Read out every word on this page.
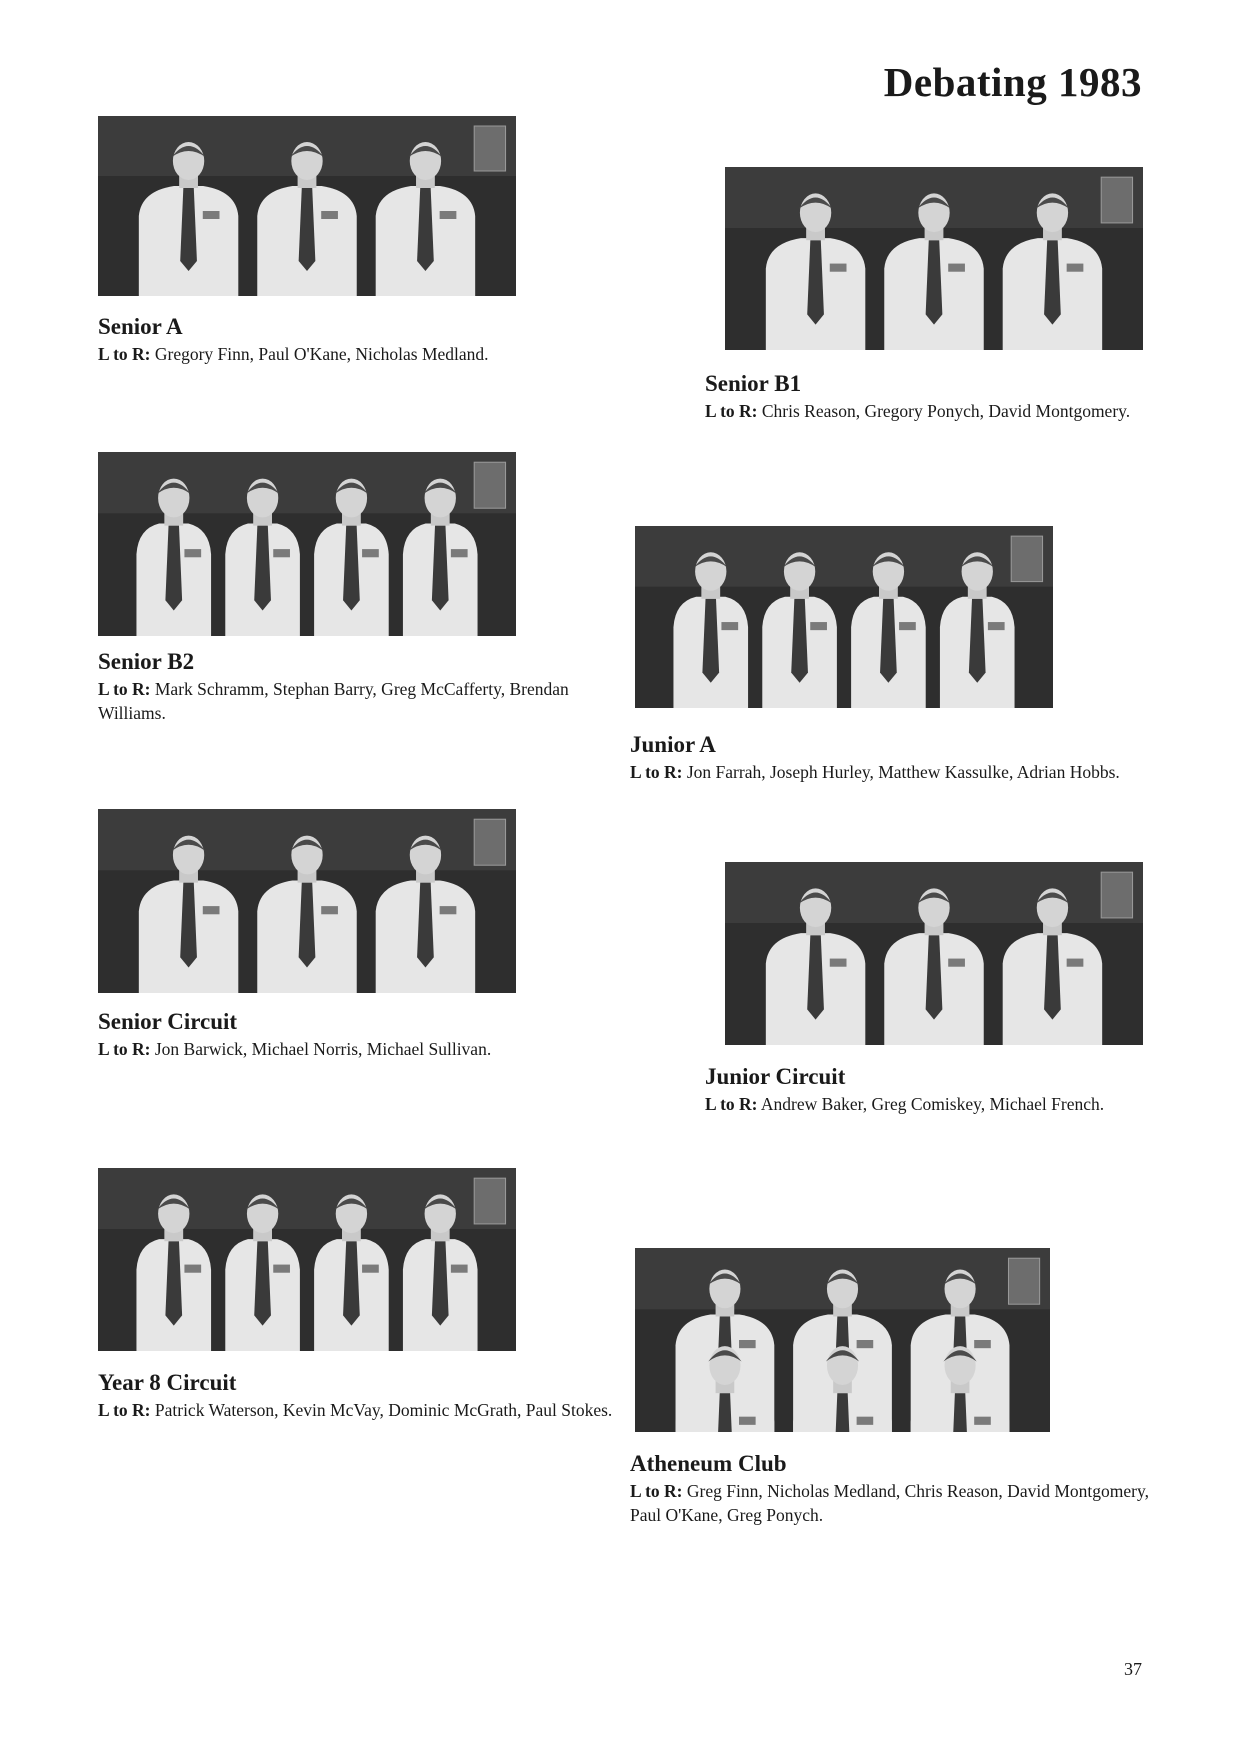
Debating 1983

Senior A

L to R: Gregory Finn, Paul O'Kane, Nicholas Medland.

Senior B1

L to R: Chris Reason, Gregory Ponych, David Montgomery.

Senior B2

L to R: Mark Schramm, Stephan Barry, Greg McCafferty, Brendan Williams.

Junior A

L to R: Jon Farrah, Joseph Hurley, Matthew Kassulke, Adrian Hobbs.

Senior Circuit

L to R: Jon Barwick, Michael Norris, Michael Sullivan.

Junior Circuit

L to R: Andrew Baker, Greg Comiskey, Michael French.

Year 8 Circuit

L to R: Patrick Waterson, Kevin McVay, Dominic McGrath, Paul Stokes.

Atheneum Club

L to R: Greg Finn, Nicholas Medland, Chris Reason, David Montgomery, Paul O'Kane, Greg Ponych.

37
